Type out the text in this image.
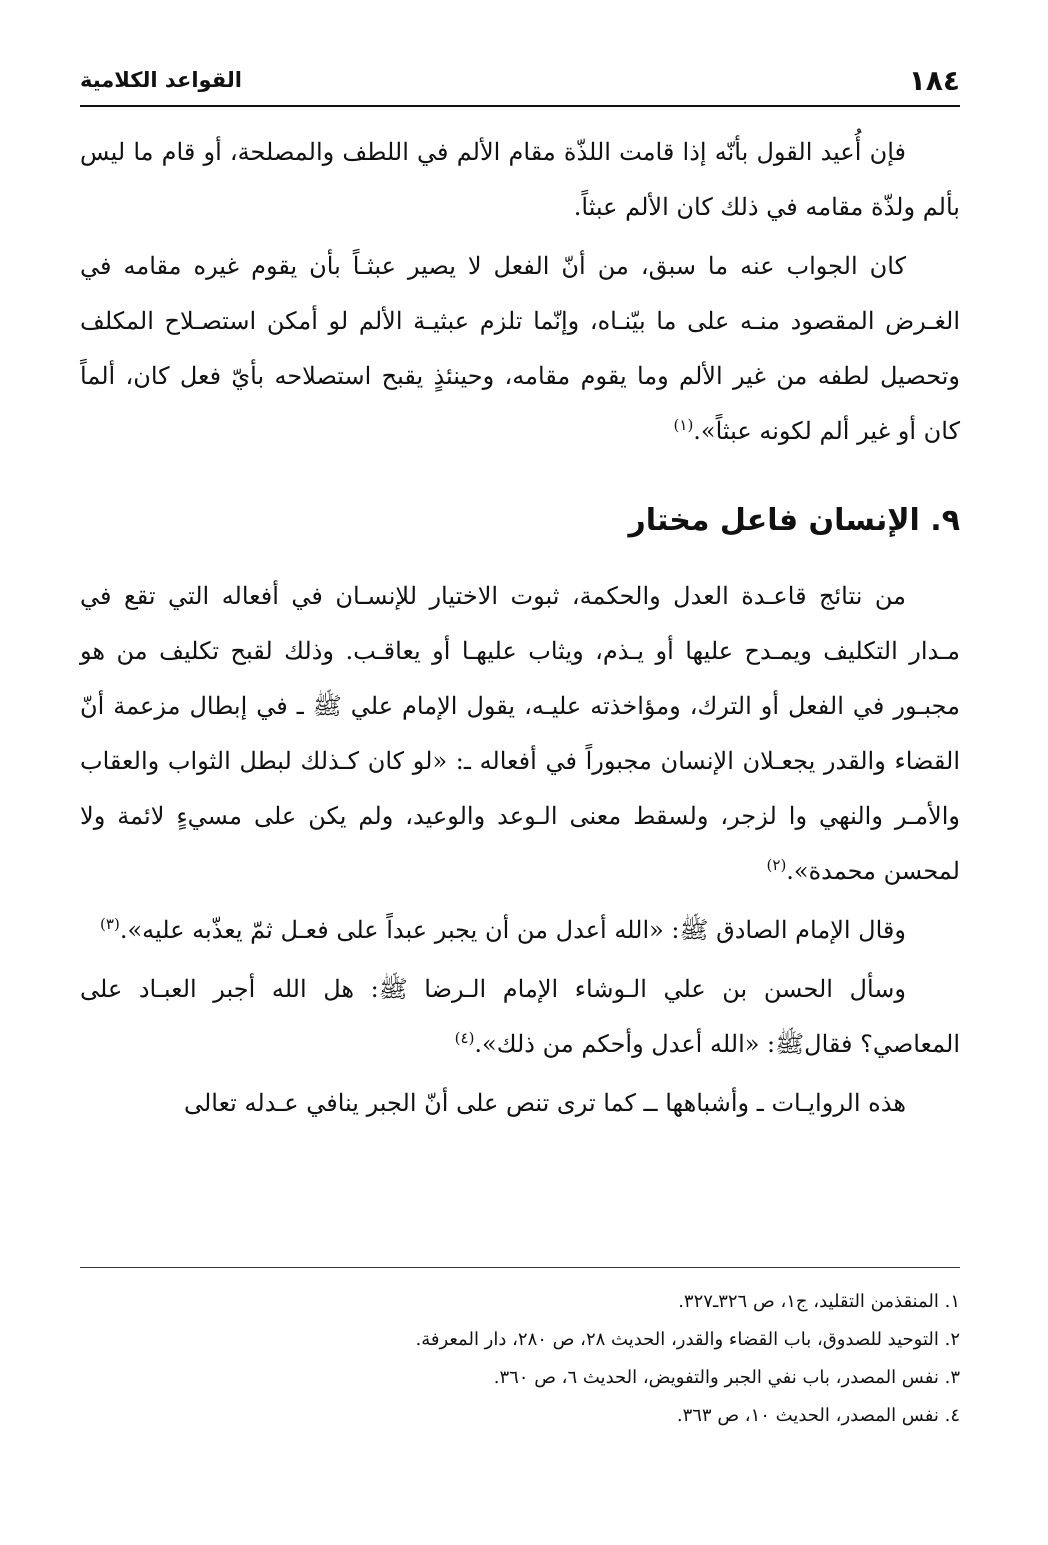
١٨٤
القواعد الكلامية

فإن أُعيد القول بأنّه إذا قامت اللذّة مقام الألم في اللطف والمصلحة، أو قام ما ليس بألم ولذّة مقامه في ذلك كان الألم عبثاً.

كان الجواب عنه ما سبق، من أنّ الفعل لا يصير عبثـاً بأن يقوم غيره مقامه في الغـرض المقصود منـه على ما بيّنـاه، وإنّما تلزم عبثيـة الألم لو أمكن استصـلاح المكلف وتحصيل لطفه من غير الألم وما يقوم مقامه، وحينئذٍ يقبح استصلاحه بأيّ فعل كان، ألماً كان أو غير ألم لكونه عبثاً».$^{(١)}$

٩. الإنسان فاعل مختار

من نتائج قاعـدة العدل والحكمة، ثبوت الاختيار للإنسـان في أفعاله التي تقع في مـدار التكليف ويمـدح عليها أو يـذم، ويثاب عليهـا أو يعاقـب. وذلك لقبح تكليف من هو مجبـور في الفعل أو الترك، ومؤاخذته عليـه، يقول الإمام علي ﷺ ـ في إبطال مزعمة أنّ القضاء والقدر يجعـلان الإنسان مجبوراً في أفعاله ـ: «لو كان كـذلك لبطل الثواب والعقاب والأمـر والنهي وا لزجر، ولسقط معنى الـوعد والوعيد، ولم يكن على مسيءٍ لائمة ولا لمحسن محمدة».$^{(٢)}$

وقال الإمام الصادق ﷺ: «الله أعدل من أن يجبر عبداً على فعـل ثمّ يعذّبه عليه».$^{(٣)}$

وسأل الحسن بن علي الـوشاء الإمام الـرضا ﷺ: هل الله أجبر العبـاد على المعاصي؟ فقالﷺ: «الله أعدل وأحكم من ذلك».$^{(٤)}$

هذه الروايـات ـ وأشباهها ــ كما ترى تنص على أنّ الجبر ينافي عـدله تعالى

١. المنقذمن التقليد، ج١، ص ٣٢٦ـ٣٢٧.
٢. التوحيد للصدوق، باب القضاء والقدر، الحديث ٢٨، ص ٢٨٠، دار المعرفة.
٣. نفس المصدر، باب نفي الجبر والتفويض، الحديث ٦، ص ٣٦٠.
٤. نفس المصدر، الحديث ١٠، ص ٣٦٣.
